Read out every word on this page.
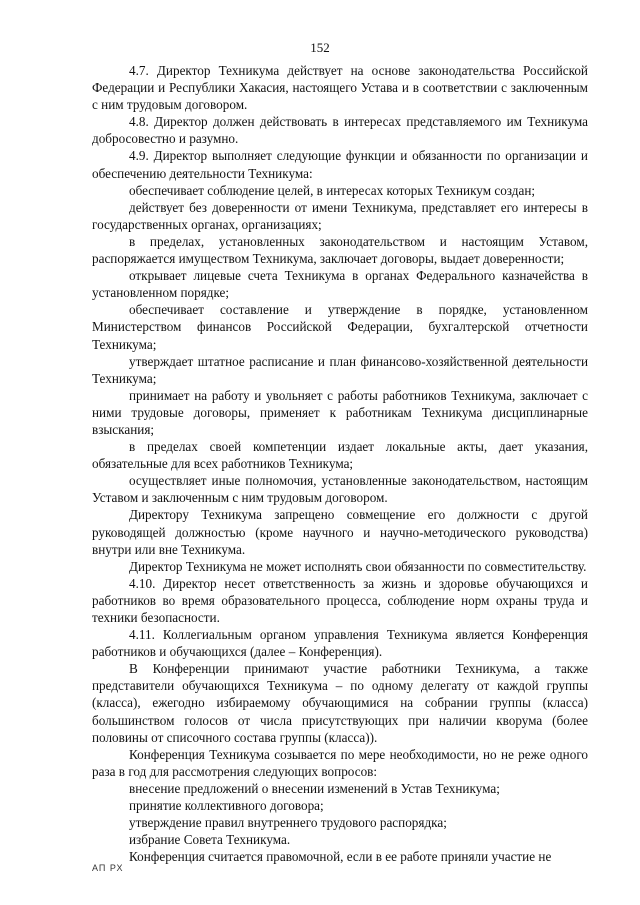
152

4.7. Директор Техникума действует на основе законодательства Российской Федерации и Республики Хакасия, настоящего Устава и в соответствии с заключенным с ним трудовым договором.

4.8. Директор должен действовать в интересах представляемого им Техникума добросовестно и разумно.

4.9. Директор выполняет следующие функции и обязанности по организации и обеспечению деятельности Техникума:

обеспечивает соблюдение целей, в интересах которых Техникум создан;

действует без доверенности от имени Техникума, представляет его интересы в государственных органах, организациях;

в пределах, установленных законодательством и настоящим Уставом, распоряжается имуществом Техникума, заключает договоры, выдает доверенности;

открывает лицевые счета Техникума в органах Федерального казначейства в установленном порядке;

обеспечивает составление и утверждение в порядке, установленном Министерством финансов Российской Федерации, бухгалтерской отчетности Техникума;

утверждает штатное расписание и план финансово-хозяйственной деятельности Техникума;

принимает на работу и увольняет с работы работников Техникума, заключает с ними трудовые договоры, применяет к работникам Техникума дисциплинарные взыскания;

в пределах своей компетенции издает локальные акты, дает указания, обязательные для всех работников Техникума;

осуществляет иные полномочия, установленные законодательством, настоящим Уставом и заключенным с ним трудовым договором.

Директору Техникума запрещено совмещение его должности с другой руководящей должностью (кроме научного и научно-методического руководства) внутри или вне Техникума.

Директор Техникума не может исполнять свои обязанности по совместительству.

4.10. Директор несет ответственность за жизнь и здоровье обучающихся и работников во время образовательного процесса, соблюдение норм охраны труда и техники безопасности.

4.11. Коллегиальным органом управления Техникума является Конференция работников и обучающихся (далее – Конференция).

В Конференции принимают участие работники Техникума, а также представители обучающихся Техникума – по одному делегату от каждой группы (класса), ежегодно избираемому обучающимися на собрании группы (класса) большинством голосов от числа присутствующих при наличии кворума (более половины от списочного состава группы (класса)).

Конференция Техникума созывается по мере необходимости, но не реже одного раза в год для рассмотрения следующих вопросов:

внесение предложений о внесении изменений в Устав Техникума;

принятие коллективного договора;

утверждение правил внутреннего трудового распорядка;

избрание Совета Техникума.

Конференция считается правомочной, если в ее работе приняли участие не

АП РХ
